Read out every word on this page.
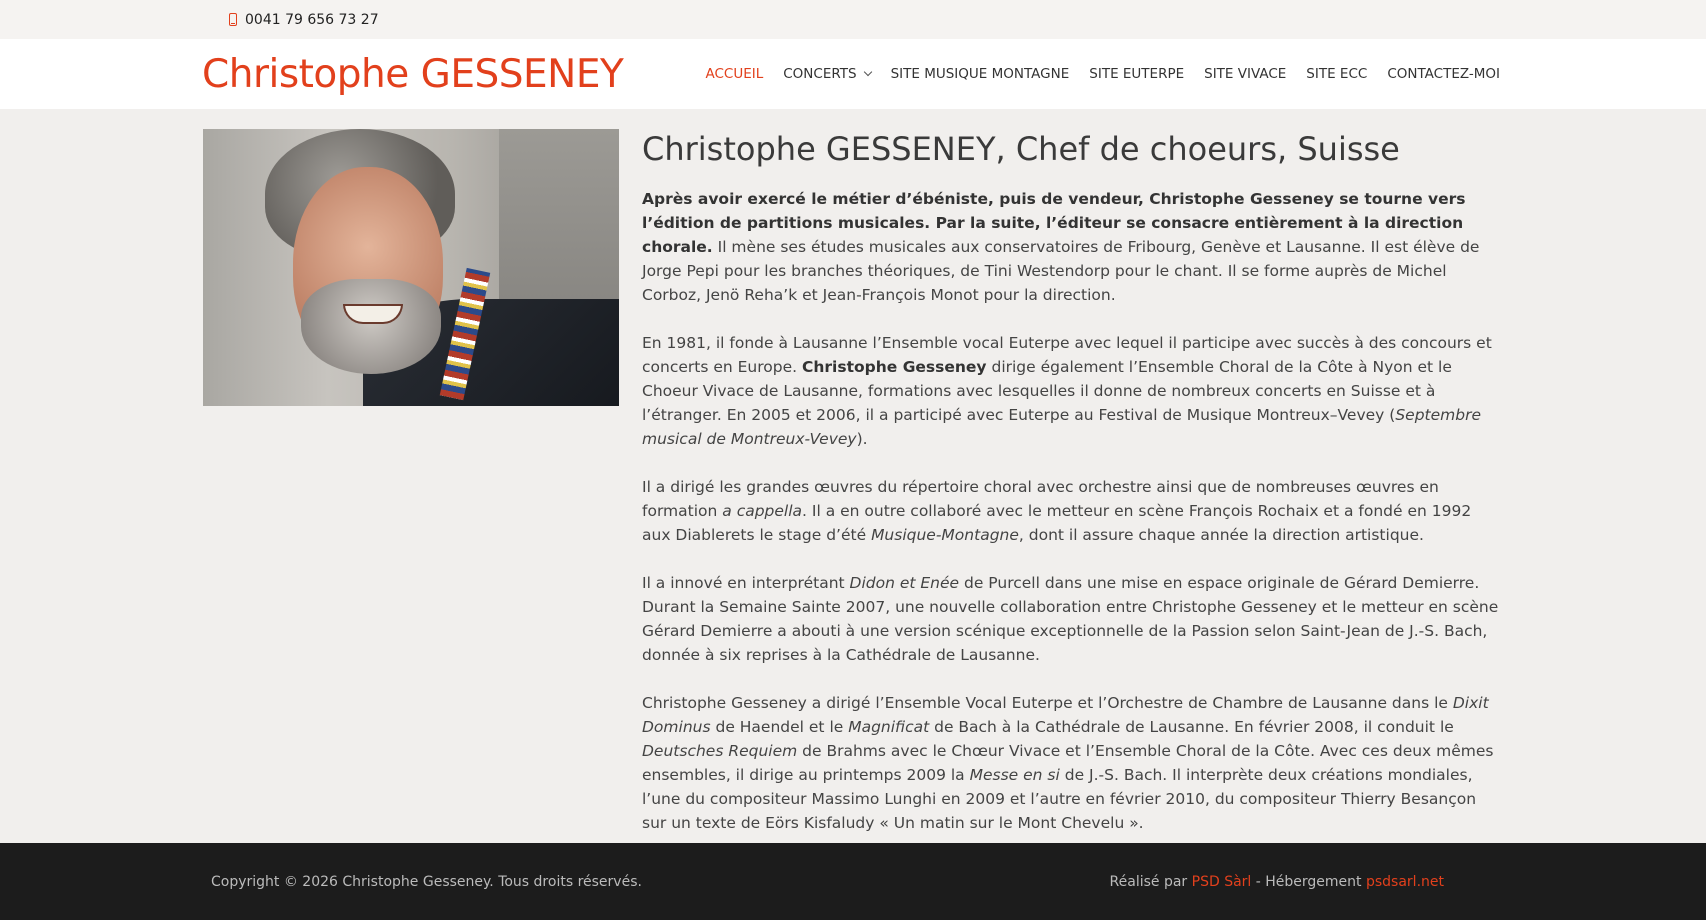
0041 79 656 73 27
Christophe GESSENEY	ACCUEIL CONCERTS	SITE MUSIQUE MONTAGNE SITE EUTERPE SITE VIVACE SITE ECC CONTACTEZ-MOI
Christophe GESSENEY, Chef de choeurs, Suisse

Après avoir exercé le métier d’ébéniste, puis de vendeur, Christophe Gesseney se tourne vers l’édition de partitions musicales. Par la suite, l’éditeur se consacre entièrement à la direction chorale. Il mène ses études musicales aux conservatoires de Fribourg, Genève et Lausanne. Il est élève de Jorge Pepi pour les branches théoriques, de Tini Westendorp pour le chant. Il se forme auprès de Michel Corboz, Jenö Reha’k et Jean-François Monot pour la direction.

En 1981, il fonde à Lausanne l’Ensemble vocal Euterpe avec lequel il participe avec succès à des concours et concerts en Europe. Christophe Gesseney dirige également l’Ensemble Choral de la Côte à Nyon et le Choeur Vivace de Lausanne, formations avec lesquelles il donne de nombreux concerts en Suisse et à l’étranger. En 2005 et 2006, il a participé avec Euterpe au Festival de Musique Montreux–Vevey (Septembre musical de Montreux-Vevey).

Il a dirigé les grandes œuvres du répertoire choral avec orchestre ainsi que de nombreuses œuvres en formation a cappella. Il a en outre collaboré avec le metteur en scène François Rochaix et a fondé en 1992 aux Diablerets le stage d’été Musique-Montagne, dont il assure chaque année la direction artistique.

Il a innové en interprétant Didon et Enée de Purcell dans une mise en espace originale de Gérard Demierre. Durant la Semaine Sainte 2007, une nouvelle collaboration entre Christophe Gesseney et le metteur en scène Gérard Demierre a abouti à une version scénique exceptionnelle de la Passion selon Saint-Jean de J.-S. Bach, donnée à six reprises à la Cathédrale de Lausanne.

Christophe Gesseney a dirigé l’Ensemble Vocal Euterpe et l’Orchestre de Chambre de Lausanne dans le Dixit Dominus de Haendel et le Magnificat de Bach à la Cathédrale de Lausanne. En février 2008, il conduit le Deutsches Requiem de Brahms avec le Chœur Vivace et l’Ensemble Choral de la Côte. Avec ces deux mêmes ensembles, il dirige au printemps 2009 la Messe en si de J.-S. Bach. Il interprète deux créations mondiales, l’une du compositeur Massimo Lunghi en 2009 et l’autre en février 2010, du compositeur Thierry Besançon sur un texte de Eörs Kisfaludy « Un matin sur le Mont Chevelu ».

Copyright © 2026 Christophe Gesseney. Tous droits réservés.	Réalisé par PSD Sàrl - Hébergement psdsarl.net
